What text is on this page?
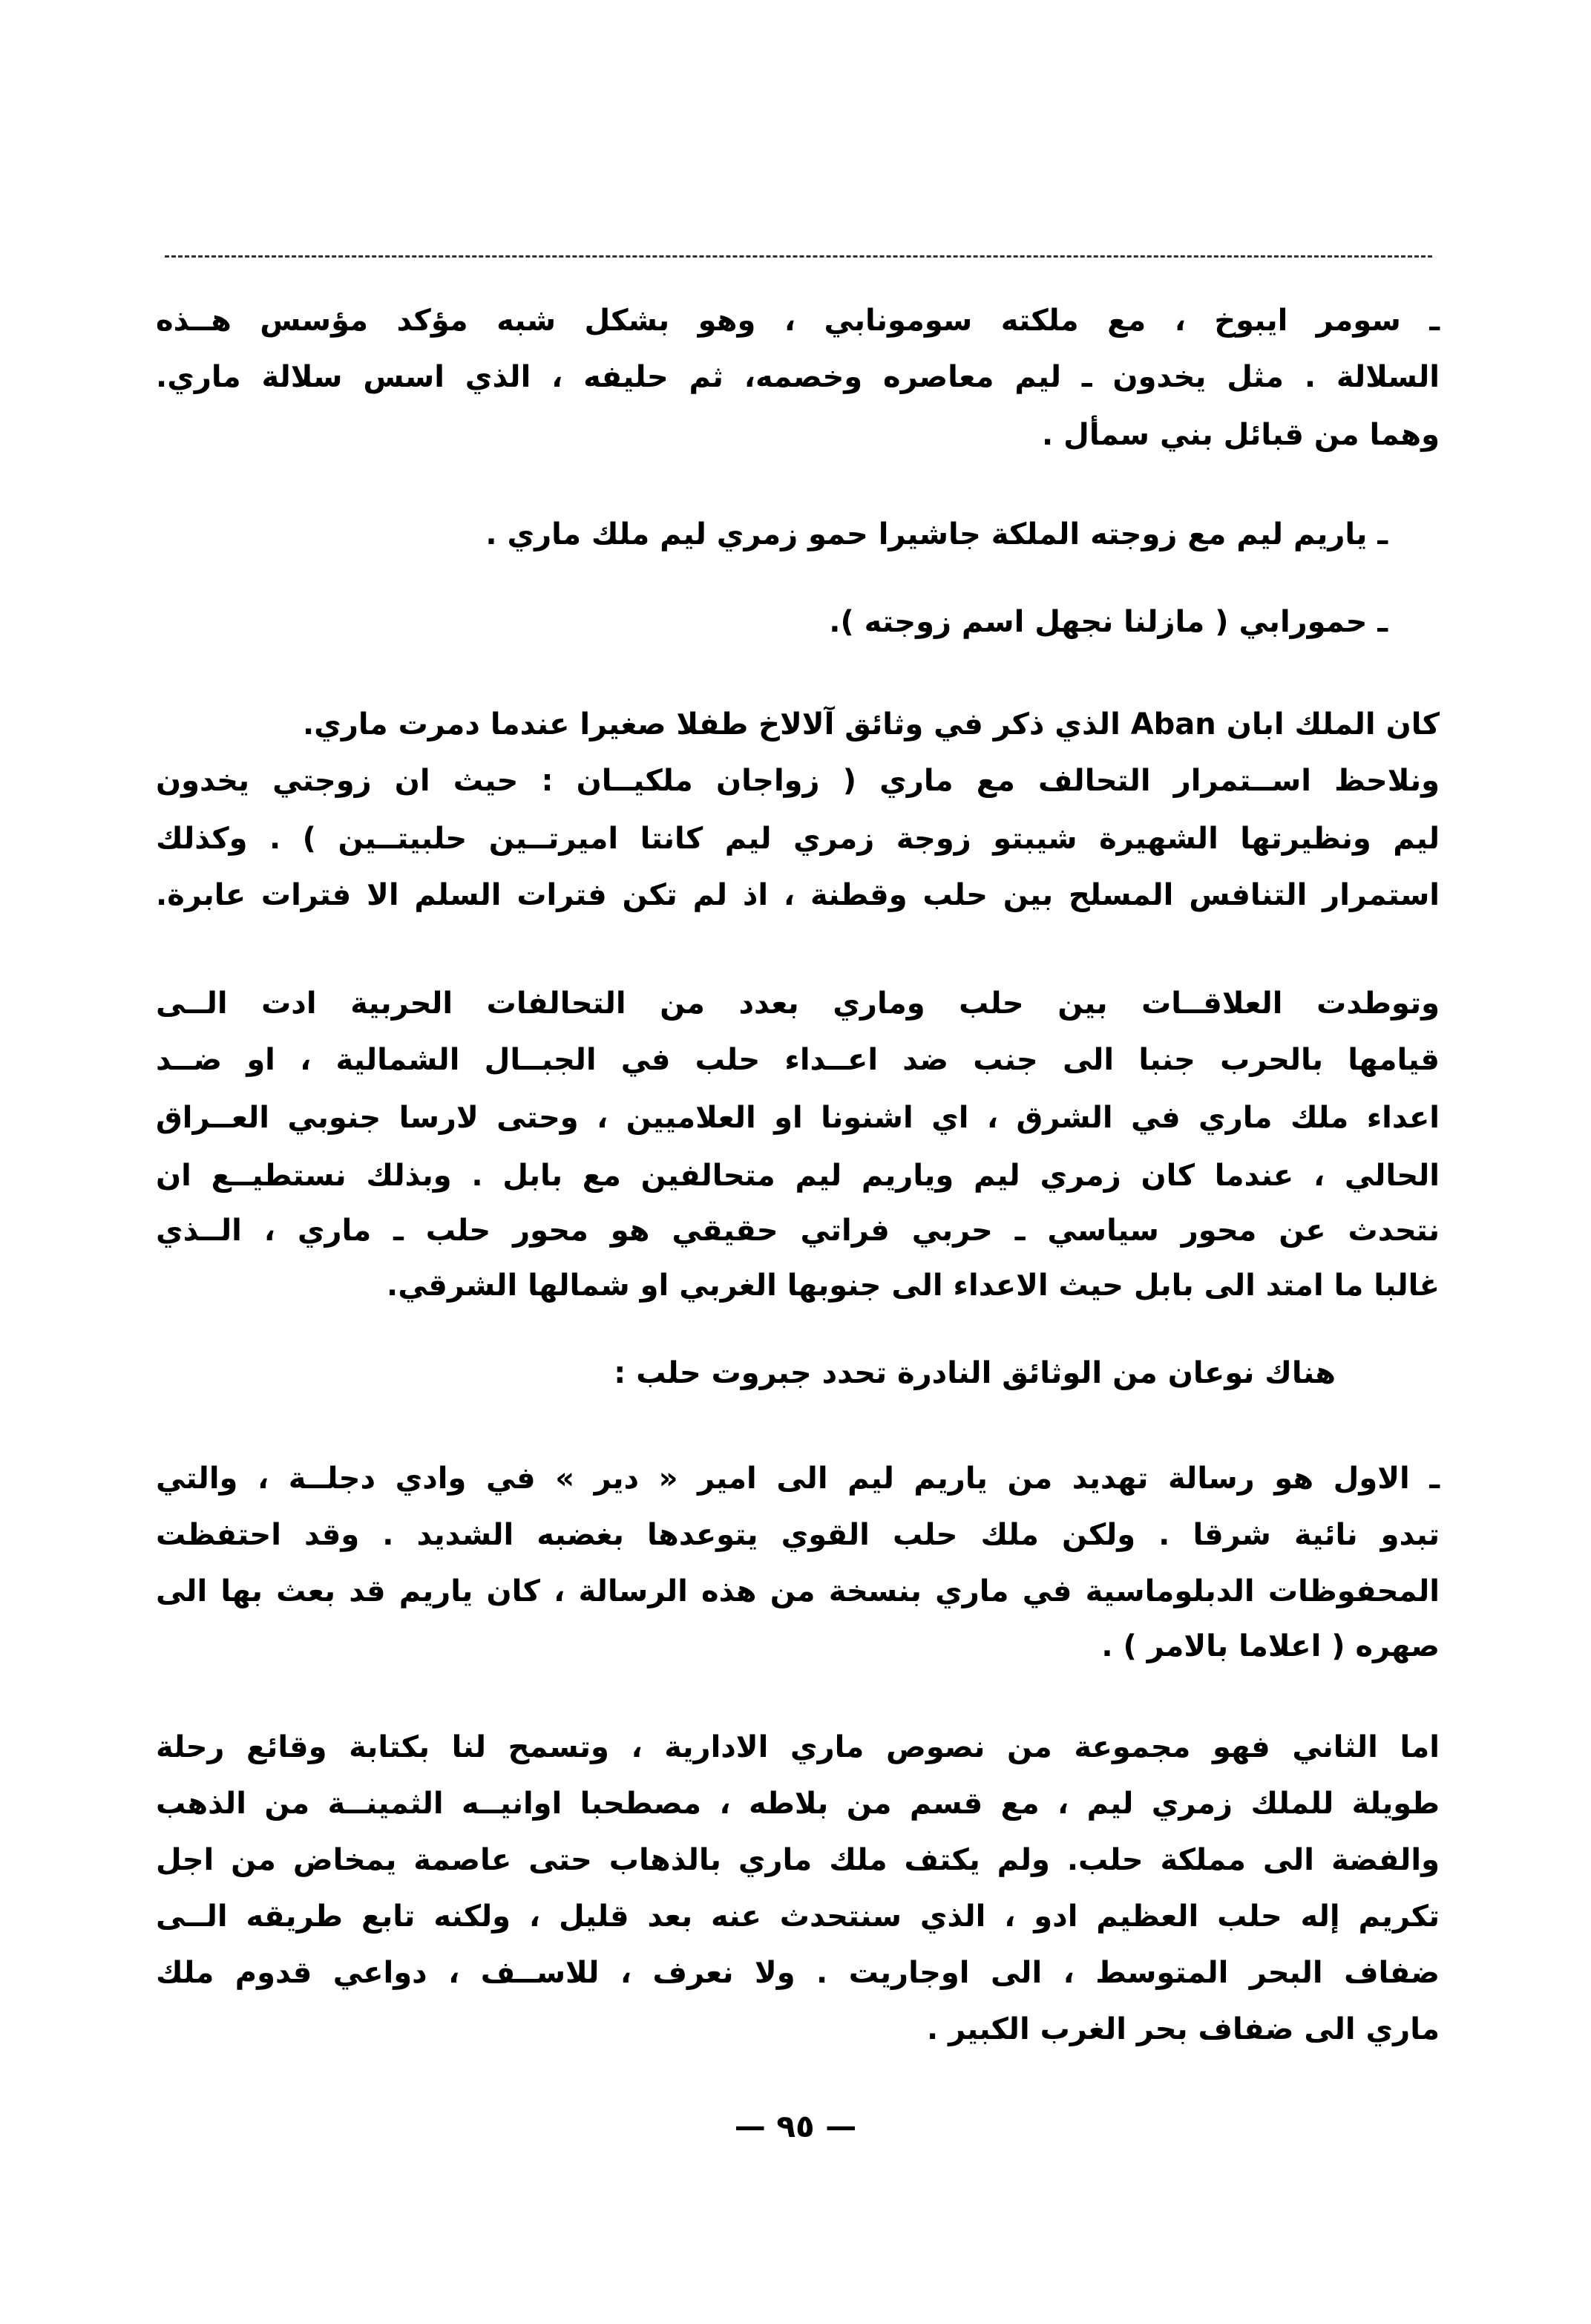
ـ سومر ايبوخ ، مع ملكته سومونابي ، وهو بشكل شبه مؤكد مؤسس هــذه
السلالة . مثل يخدون ـ ليم معاصره وخصمه، ثم حليفه ، الذي اسس سلالة ماري.
وهما من قبائل بني سمأل .
ـ ياريم ليم مع زوجته الملكة جاشيرا حمو زمري ليم ملك ماري .
ـ حمورابي ( مازلنا نجهل اسم زوجته ).
كان الملك ابان Aban الذي ذكر في وثائق آلالاخ طفلا صغيرا عندما دمرت ماري.
ونلاحظ اســتمرار التحالف مع ماري ( زواجان ملكيــان : حيث ان زوجتي يخدون
ليم ونظيرتها الشهيرة شيبتو زوجة زمري ليم كانتا اميرتــين حلبيتــين ) . وكذلك
استمرار التنافس المسلح بين حلب وقطنة ، اذ لم تكن فترات السلم الا فترات عابرة.
وتوطدت العلاقــات بين حلب وماري بعدد من التحالفات الحربية ادت الــى
قيامها بالحرب جنبا الى جنب ضد اعــداء حلب في الجبــال الشمالية ، او ضــد
اعداء ملك ماري في الشرق ، اي اشنونا او العلاميين ، وحتى لارسا جنوبي العــراق
الحالي ، عندما كان زمري ليم وياريم ليم متحالفين مع بابل . وبذلك نستطيــع ان
نتحدث عن محور سياسي ـ حربي فراتي حقيقي هو محور حلب ـ ماري ، الــذي
غالبا ما امتد الى بابل حيث الاعداء الى جنوبها الغربي او شمالها الشرقي.
هناك نوعان من الوثائق النادرة تحدد جبروت حلب :
ـ الاول هو رسالة تهديد من ياريم ليم الى امير « دير » في وادي دجلــة ، والتي
تبدو نائية شرقا . ولكن ملك حلب القوي يتوعدها بغضبه الشديد . وقد احتفظت
المحفوظات الدبلوماسية في ماري بنسخة من هذه الرسالة ، كان ياريم قد بعث بها الى
صهره ( اعلاما بالامر ) .
اما الثاني فهو مجموعة من نصوص ماري الادارية ، وتسمح لنا بكتابة وقائع رحلة
طويلة للملك زمري ليم ، مع قسم من بلاطه ، مصطحبا اوانيــه الثمينــة من الذهب
والفضة الى مملكة حلب. ولم يكتف ملك ماري بالذهاب حتى عاصمة يمخاض من اجل
تكريم إله حلب العظيم ادو ، الذي سنتحدث عنه بعد قليل ، ولكنه تابع طريقه الــى
ضفاف البحر المتوسط ، الى اوجاريت . ولا نعرف ، للاســف ، دواعي قدوم ملك
ماري الى ضفاف بحر الغرب الكبير .
— ٩٥ —
